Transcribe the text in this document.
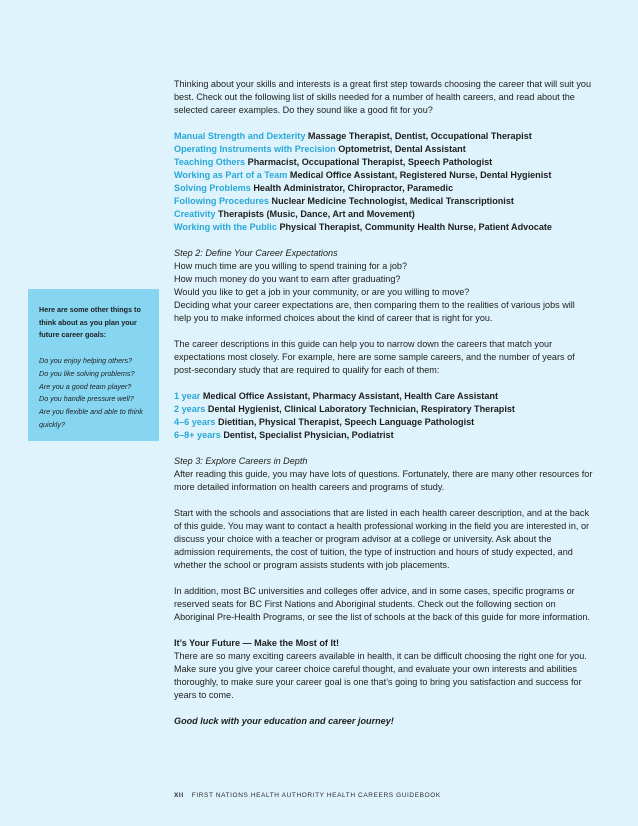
Thinking about your skills and interests is a great first step towards choosing the career that will suit you best. Check out the following list of skills needed for a number of health careers, and read about the selected career examples. Do they sound like a good fit for you?

Manual Strength and Dexterity Massage Therapist, Dentist, Occupational Therapist

Operating Instruments with Precision Optometrist, Dental Assistant

Teaching Others Pharmacist, Occupational Therapist, Speech Pathologist

Working as Part of a Team Medical Office Assistant, Registered Nurse, Dental Hygienist

Solving Problems Health Administrator, Chiropractor, Paramedic

Following Procedures Nuclear Medicine Technologist, Medical Transcriptionist

Creativity Therapists (Music, Dance, Art and Movement)

Working with the Public Physical Therapist, Community Health Nurse, Patient Advocate

Step 2: Define Your Career Expectations

How much time are you willing to spend training for a job?

How much money do you want to earn after graduating?

Would you like to get a job in your community, or are you willing to move?

Deciding what your career expectations are, then comparing them to the realities of various jobs will help you to make informed choices about the kind of career that is right for you.

The career descriptions in this guide can help you to narrow down the careers that match your expectations most closely. For example, here are some sample careers, and the number of years of post-secondary study that are required to qualify for each of them:

1 year Medical Office Assistant, Pharmacy Assistant, Health Care Assistant

2 years Dental Hygienist, Clinical Laboratory Technician, Respiratory Therapist

4–6 years Dietitian, Physical Therapist, Speech Language Pathologist

6–8+ years Dentist, Specialist Physician, Podiatrist

Step 3: Explore Careers in Depth

After reading this guide, you may have lots of questions. Fortunately, there are many other resources for more detailed information on health careers and programs of study.

Start with the schools and associations that are listed in each health career description, and at the back of this guide. You may want to contact a health professional working in the field you are interested in, or discuss your choice with a teacher or program advisor at a college or university. Ask about the admission requirements, the cost of tuition, the type of instruction and hours of study expected, and whether the school or program assists students with job placements.

In addition, most BC universities and colleges offer advice, and in some cases, specific programs or reserved seats for BC First Nations and Aboriginal students. Check out the following section on Aboriginal Pre-Health Programs, or see the list of schools at the back of this guide for more information.

It’s Your Future — Make the Most of It!

There are so many exciting careers available in health, it can be difficult choosing the right one for you. Make sure you give your career choice careful thought, and evaluate your own interests and abilities thoroughly, to make sure your career goal is one that’s going to bring you satisfaction and success for years to come.

Good luck with your education and career journey!

Here are some other things to think about as you plan your future career goals:

Do you enjoy helping others?

Do you like solving problems?

Are you a good team player?

Do you handle pressure well?

Are you flexible and able to think quickly?

XII FIRST NATIONS HEALTH AUTHORITY HEALTH CAREERS GUIDEBOOK
